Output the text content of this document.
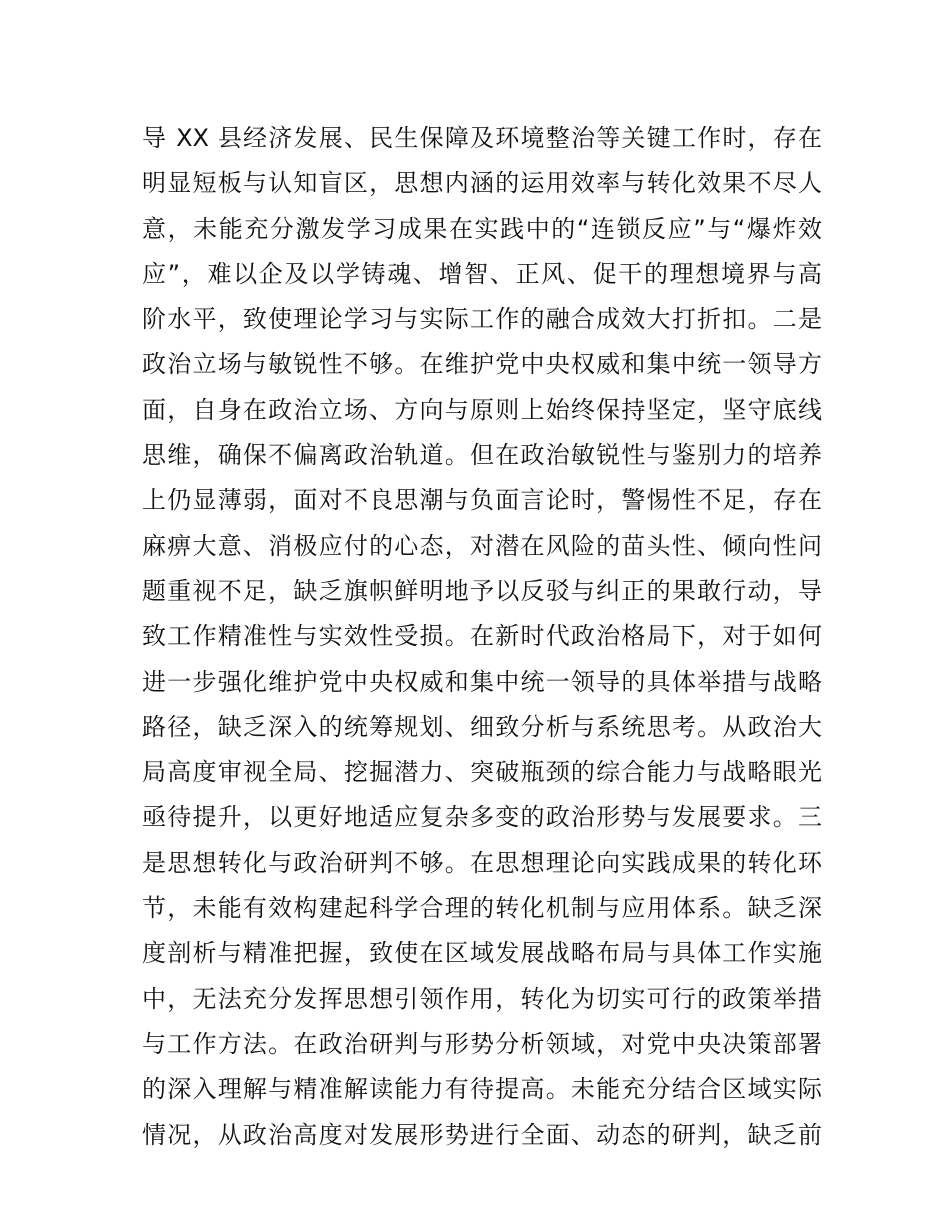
导 XX 县经济发展、民生保障及环境整治等关键工作时，存在
明显短板与认知盲区，思想内涵的运用效率与转化效果不尽人
意，未能充分激发学习成果在实践中的“连锁反应”与“爆炸效
应”，难以企及以学铸魂、增智、正风、促干的理想境界与高
阶水平，致使理论学习与实际工作的融合成效大打折扣。二是
政治立场与敏锐性不够。在维护党中央权威和集中统一领导方
面，自身在政治立场、方向与原则上始终保持坚定，坚守底线
思维，确保不偏离政治轨道。但在政治敏锐性与鉴别力的培养
上仍显薄弱，面对不良思潮与负面言论时，警惕性不足，存在
麻痹大意、消极应付的心态，对潜在风险的苗头性、倾向性问
题重视不足，缺乏旗帜鲜明地予以反驳与纠正的果敢行动，导
致工作精准性与实效性受损。在新时代政治格局下，对于如何
进一步强化维护党中央权威和集中统一领导的具体举措与战略
路径，缺乏深入的统筹规划、细致分析与系统思考。从政治大
局高度审视全局、挖掘潜力、突破瓶颈的综合能力与战略眼光
亟待提升，以更好地适应复杂多变的政治形势与发展要求。三
是思想转化与政治研判不够。在思想理论向实践成果的转化环
节，未能有效构建起科学合理的转化机制与应用体系。缺乏深
度剖析与精准把握，致使在区域发展战略布局与具体工作实施
中，无法充分发挥思想引领作用，转化为切实可行的政策举措
与工作方法。在政治研判与形势分析领域，对党中央决策部署
的深入理解与精准解读能力有待提高。未能充分结合区域实际
情况，从政治高度对发展形势进行全面、动态的研判，缺乏前
